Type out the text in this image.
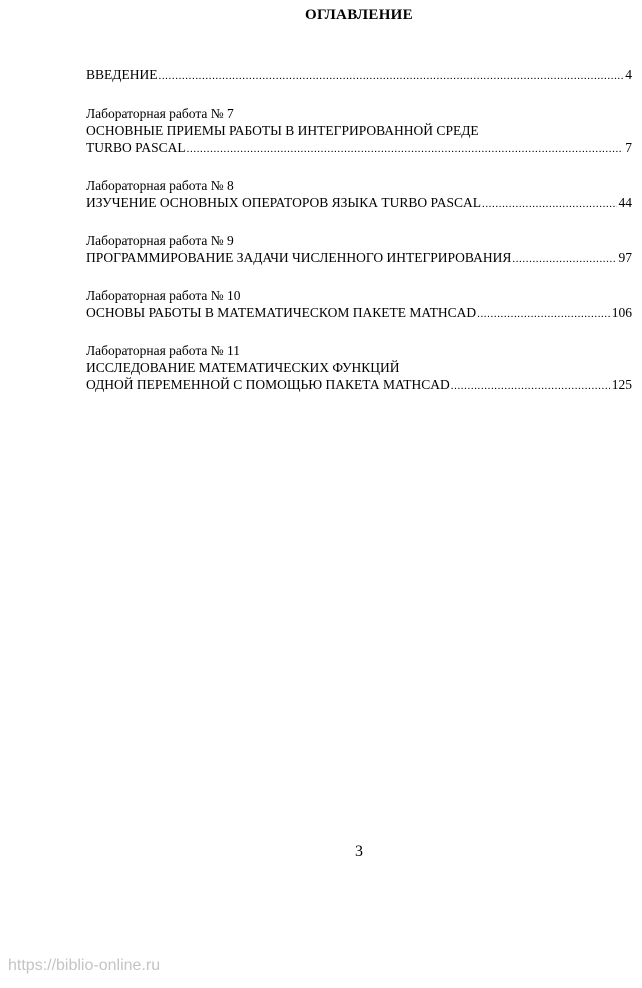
ОГЛАВЛЕНИЕ
ВВЕДЕНИЕ .....	4
Лабораторная работа № 7
ОСНОВНЫЕ ПРИЕМЫ РАБОТЫ В ИНТЕГРИРОВАННОЙ СРЕДЕ
TURBO PASCAL .....	7
Лабораторная работа № 8
ИЗУЧЕНИЕ ОСНОВНЫХ ОПЕРАТОРОВ ЯЗЫКА TURBO PASCAL .....	44
Лабораторная работа № 9
ПРОГРАММИРОВАНИЕ ЗАДАЧИ ЧИСЛЕННОГО ИНТЕГРИРОВАНИЯ .....	97
Лабораторная работа № 10
ОСНОВЫ РАБОТЫ В МАТЕМАТИЧЕСКОМ ПАКЕТЕ MATHCAD .....	106
Лабораторная работа № 11
ИССЛЕДОВАНИЕ МАТЕМАТИЧЕСКИХ ФУНКЦИЙ
ОДНОЙ ПЕРЕМЕННОЙ С ПОМОЩЬЮ ПАКЕТА MATHCAD .....	125
3
https://biblio-online.ru
